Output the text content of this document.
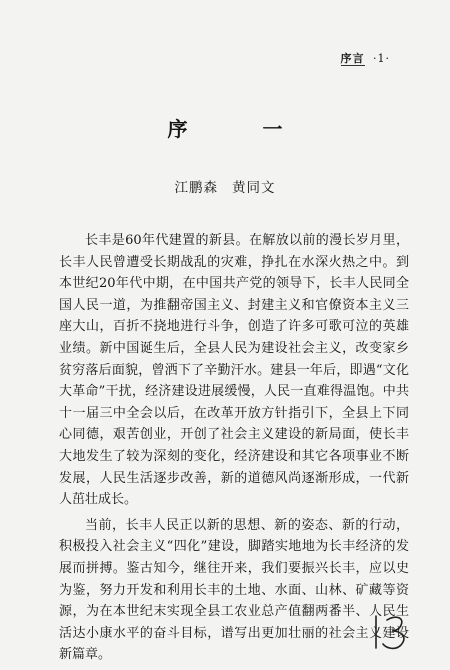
序言 ·1·
序 一
江鹏森 黄同文

长丰是60年代建置的新县。在解放以前的漫长岁月里，长丰人民曾遭受长期战乱的灾难，挣扎在水深火热之中。到本世纪20年代中期，在中国共产党的领导下，长丰人民同全国人民一道，为推翻帝国主义、封建主义和官僚资本主义三座大山，百折不挠地进行斗争，创造了许多可歌可泣的英雄业绩。新中国诞生后，全县人民为建设社会主义，改变家乡贫穷落后面貌，曾洒下了辛勤汗水。建县一年后，即遇“文化大革命”干扰，经济建设进展缓慢，人民一直难得温饱。中共十一届三中全会以后，在改革开放方针指引下，全县上下同心同德，艰苦创业，开创了社会主义建设的新局面，使长丰大地发生了较为深刻的变化，经济建设和其它各项事业不断发展，人民生活逐步改善，新的道德风尚逐渐形成，一代新人茁壮成长。

当前，长丰人民正以新的思想、新的姿态、新的行动，积极投入社会主义“四化”建设，脚踏实地地为长丰经济的发展而拼搏。鉴古知今，继往开来，我们要振兴长丰，应以史为鉴，努力开发和利用长丰的土地、水面、山林、矿藏等资源，为在本世纪末实现全县工农业总产值翻两番半、人民生活达小康水平的奋斗目标，谱写出更加壮丽的社会主义建设新篇章。
